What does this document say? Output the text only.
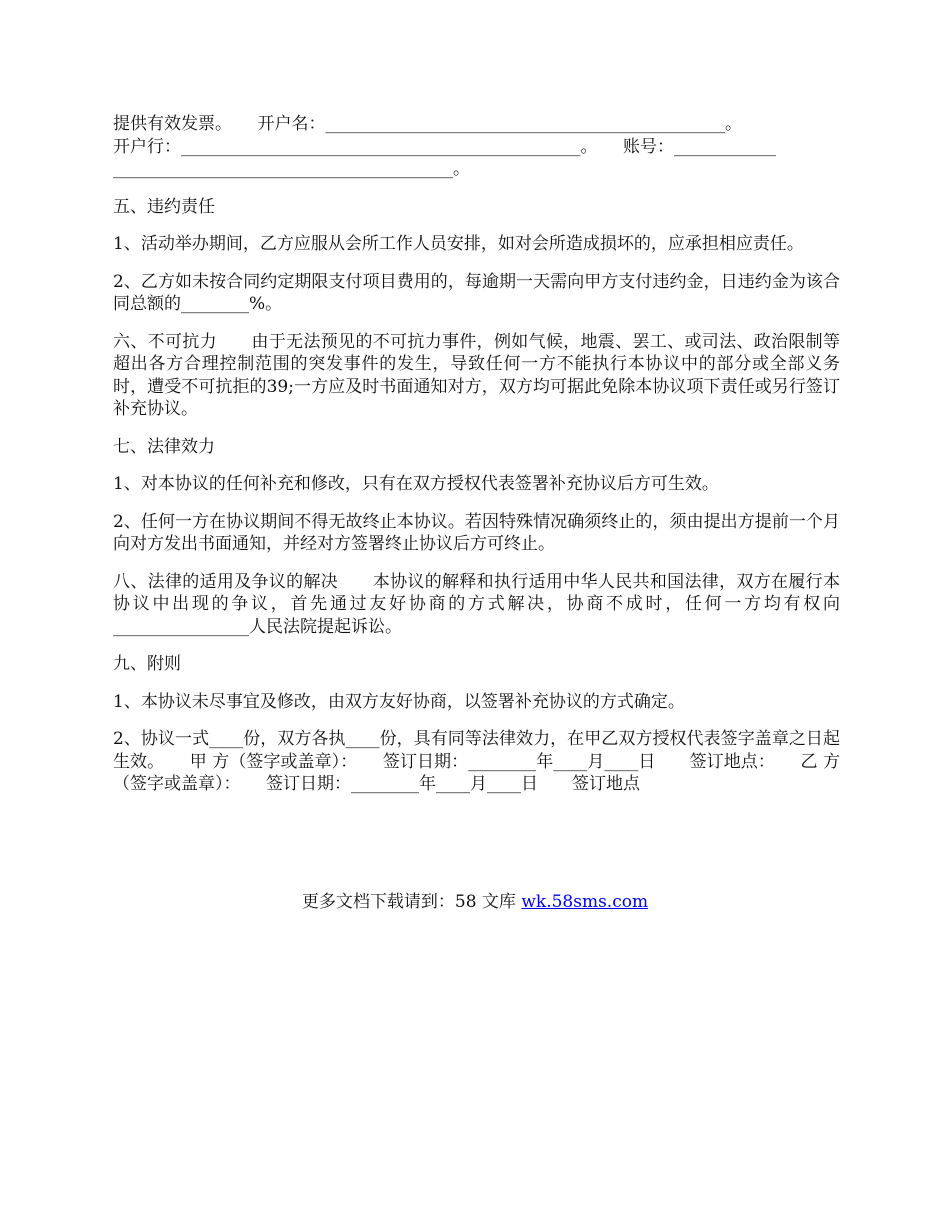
提供有效发票。　　开户名：_______________________________________________。

开户行：_______________________________________________。　　账号：____________

________________________________________。

五、违约责任

1、活动举办期间，乙方应服从会所工作人员安排，如对会所造成损坏的，应承担相应责任。

2、乙方如未按合同约定期限支付项目费用的，每逾期一天需向甲方支付违约金，日违约金为该合同总额的________%。

六、不可抗力　　由于无法预见的不可抗力事件，例如气候，地震、罢工、或司法、政治限制等超出各方合理控制范围的突发事件的发生，导致任何一方不能执行本协议中的部分或全部义务时，遭受不可抗拒的39;一方应及时书面通知对方，双方均可据此免除本协议项下责任或另行签订补充协议。

七、法律效力

1、对本协议的任何补充和修改，只有在双方授权代表签署补充协议后方可生效。

2、任何一方在协议期间不得无故终止本协议。若因特殊情况确须终止的，须由提出方提前一个月向对方发出书面通知，并经对方签署终止协议后方可终止。

八、法律的适用及争议的解决　　本协议的解释和执行适用中华人民共和国法律，双方在履行本协议中出现的争议，首先通过友好协商的方式解决，协商不成时，任何一方均有权向________________人民法院提起诉讼。

九、附则

1、本协议未尽事宜及修改，由双方友好协商，以签署补充协议的方式确定。

2、协议一式____份，双方各执____份，具有同等法律效力，在甲乙双方授权代表签字盖章之日起生效。　　甲 方（签字或盖章）：　　签订日期：________年____月____日　　签订地点：　　乙 方（签字或盖章）：　　签订日期：________年____月____日　　签订地点

更多文档下载请到：58 文库 wk.58sms.com
